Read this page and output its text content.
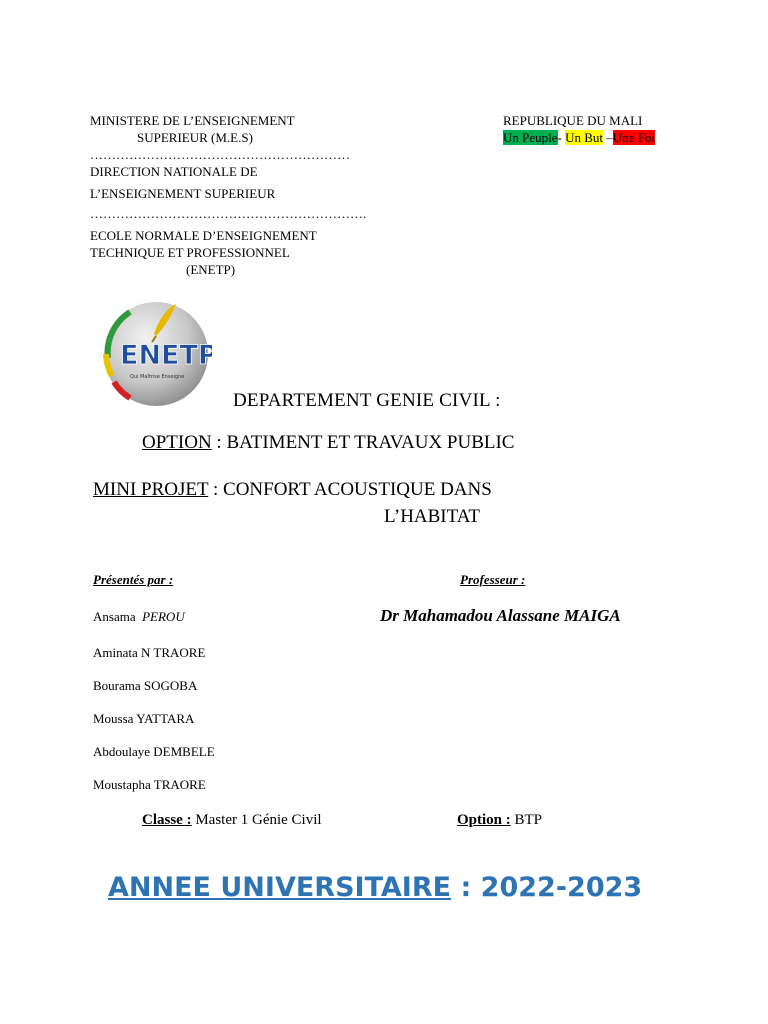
MINISTERE DE L’ENSEIGNEMENT
SUPERIEUR (M.E.S)
……………………………………………………
DIRECTION NATIONALE DE
L’ENSEIGNEMENT SUPERIEUR
……………………………………………………….
ECOLE NORMALE D’ENSEIGNEMENT
TECHNIQUE ET PROFESSIONNEL
(ENETP)
REPUBLIQUE DU MALI
Un Peuple- Un But –Une Foi
ENETP
Qui Maîtrise Enseigne
DEPARTEMENT GENIE CIVIL :
OPTION : BATIMENT ET TRAVAUX PUBLIC
MINI PROJET : CONFORT ACOUSTIQUE DANS
L’HABITAT
Présentés par :	Professeur :
Dr Mahamadou Alassane MAIGA
Ansama PEROU
Aminata N TRAORE
Bourama SOGOBA
Moussa YATTARA
Abdoulaye DEMBELE
Moustapha TRAORE
Classe : Master 1 Génie Civil	Option : BTP
ANNEE UNIVERSITAIRE : 2022-2023
